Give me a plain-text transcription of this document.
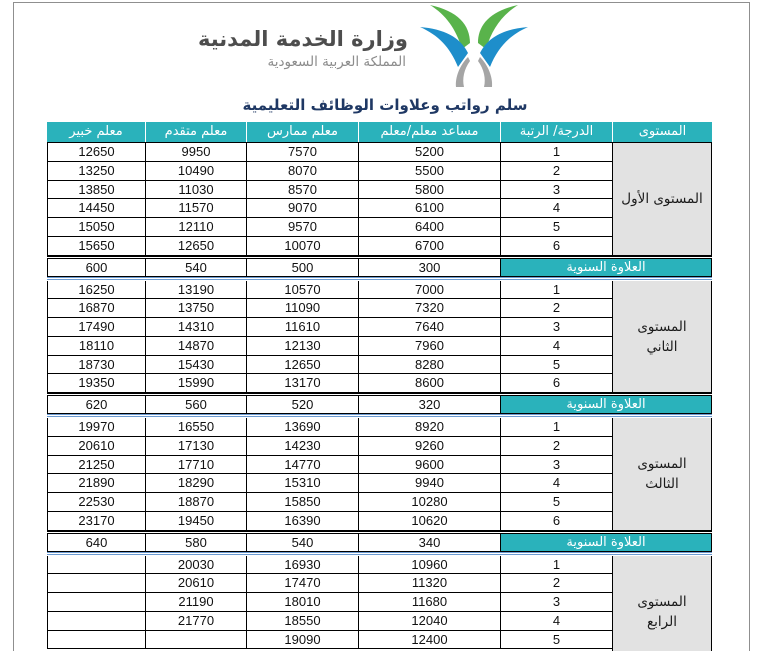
وزارة الخدمة المدنية
المملكة العربية السعودية
سلم رواتب وعلاوات الوظائف التعليمية
المستوى
الدرجة/ الرتبة
مساعد معلم/معلم
معلم ممارس
معلم متقدم
معلم خبير
المستوى الأول
1
5200
7570
9950
12650
2
5500
8070
10490
13250
3
5800
8570
11030
13850
4
6100
9070
11570
14450
5
6400
9570
12110
15050
6
6700
10070
12650
15650
العلاوة السنوية
300
500
540
600
المستوى
الثاني
1
7000
10570
13190
16250
2
7320
11090
13750
16870
3
7640
11610
14310
17490
4
7960
12130
14870
18110
5
8280
12650
15430
18730
6
8600
13170
15990
19350
العلاوة السنوية
320
520
560
620
المستوى
الثالث
1
8920
13690
16550
19970
2
9260
14230
17130
20610
3
9600
14770
17710
21250
4
9940
15310
18290
21890
5
10280
15850
18870
22530
6
10620
16390
19450
23170
العلاوة السنوية
340
540
580
640
المستوى
الرابع
1
10960
16930
20030
2
11320
17470
20610
3
11680
18010
21190
4
12040
18550
21770
5
12400
19090
